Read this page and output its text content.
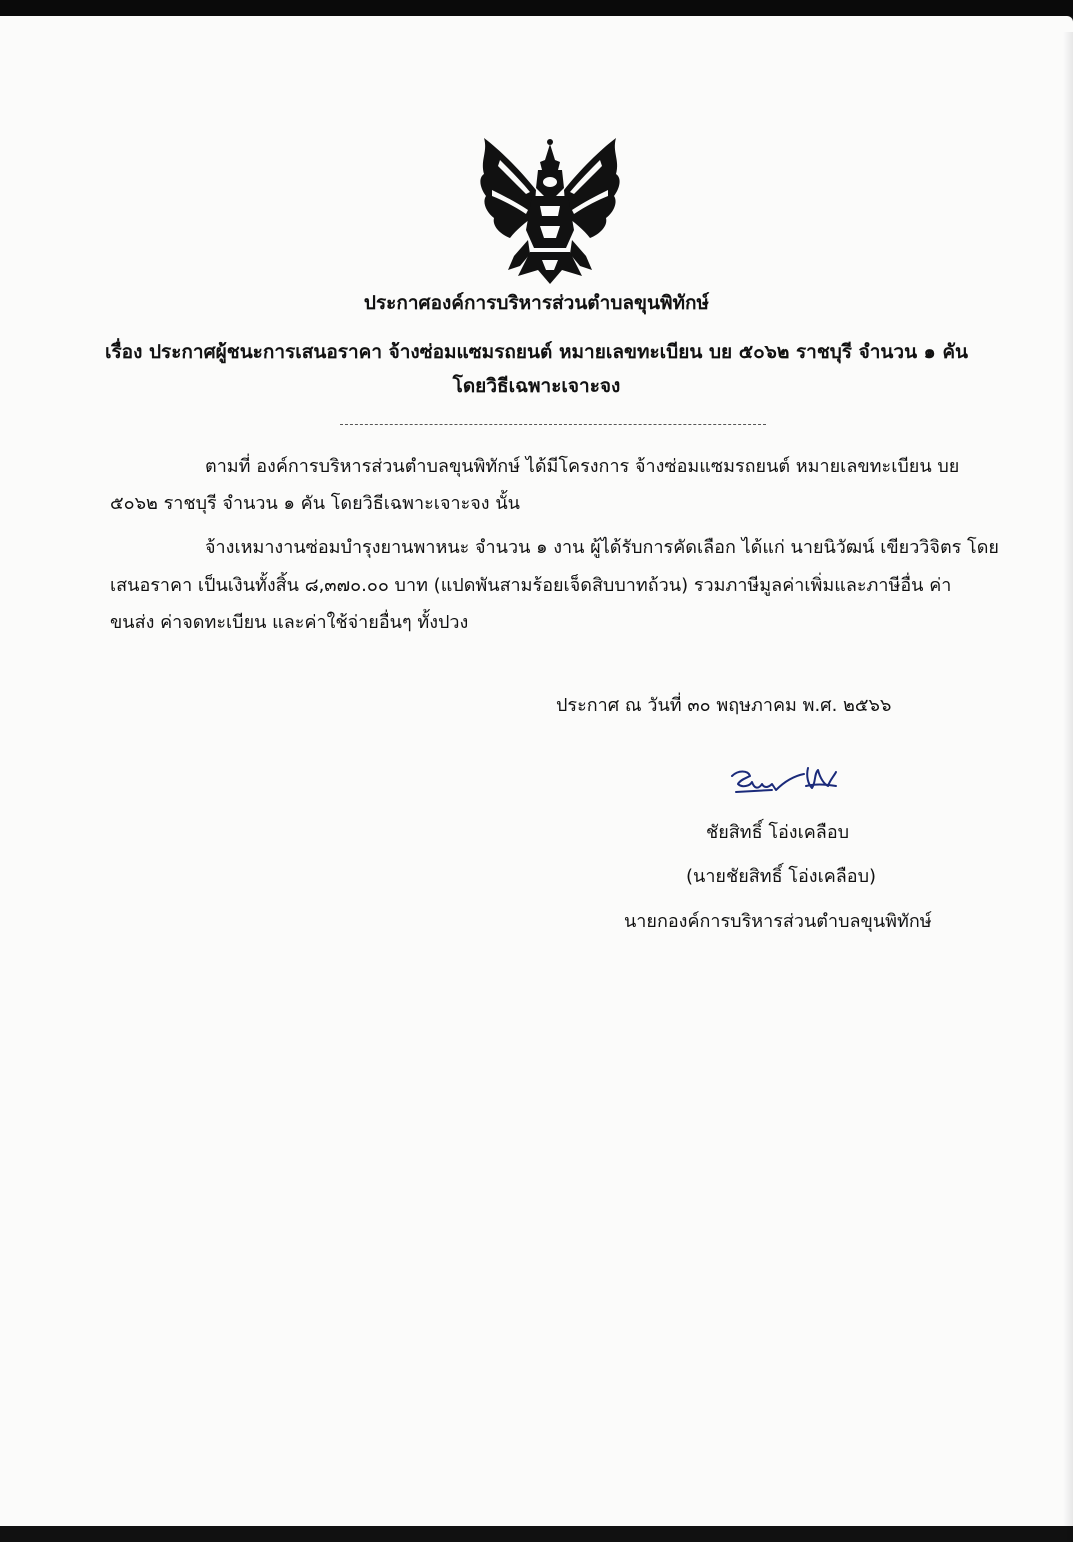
ประกาศองค์การบริหารส่วนตำบลขุนพิทักษ์
เรื่อง ประกาศผู้ชนะการเสนอราคา จ้างซ่อมแซมรถยนต์ หมายเลขทะเบียน บย ๕๐๖๒ ราชบุรี จำนวน ๑ คัน
โดยวิธีเฉพาะเจาะจง
ตามที่ องค์การบริหารส่วนตำบลขุนพิทักษ์ ได้มีโครงการ จ้างซ่อมแซมรถยนต์ หมายเลขทะเบียน บย
๕๐๖๒ ราชบุรี จำนวน ๑ คัน โดยวิธีเฉพาะเจาะจง นั้น
จ้างเหมางานซ่อมบำรุงยานพาหนะ จำนวน ๑ งาน ผู้ได้รับการคัดเลือก ได้แก่ นายนิวัฒน์ เขียววิจิตร โดย
เสนอราคา เป็นเงินทั้งสิ้น ๘,๓๗๐.๐๐ บาท (แปดพันสามร้อยเจ็ดสิบบาทถ้วน) รวมภาษีมูลค่าเพิ่มและภาษีอื่น ค่า
ขนส่ง ค่าจดทะเบียน และค่าใช้จ่ายอื่นๆ ทั้งปวง
ประกาศ ณ วันที่ ๓๐ พฤษภาคม พ.ศ. ๒๕๖๖
ชัยสิทธิ์ โอ่งเคลือบ
(นายชัยสิทธิ์ โอ่งเคลือบ)
นายกองค์การบริหารส่วนตำบลขุนพิทักษ์
